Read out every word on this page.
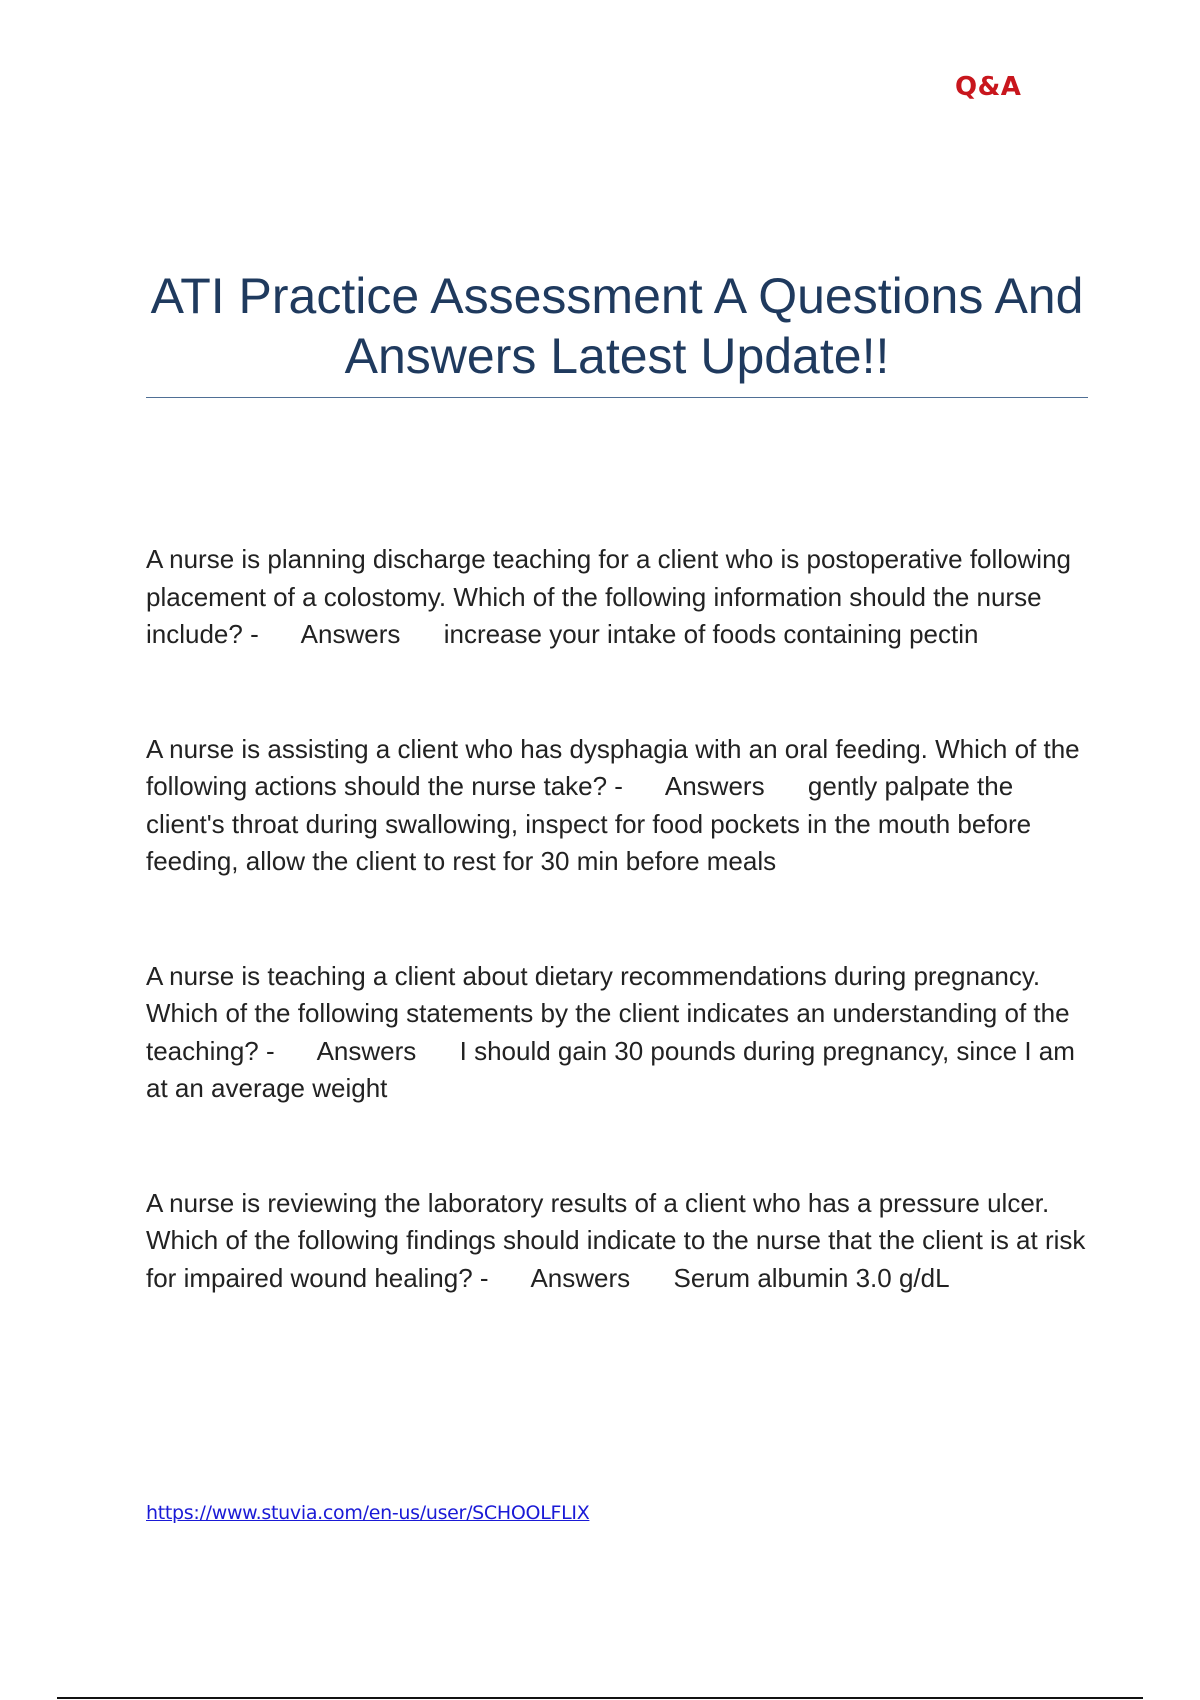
Q&A
ATI Practice Assessment A Questions And Answers Latest Update!!

A nurse is planning discharge teaching for a client who is postoperative following placement of a colostomy. Which of the following information should the nurse include? - Answers increase your intake of foods containing pectin

A nurse is assisting a client who has dysphagia with an oral feeding. Which of the following actions should the nurse take? - Answers gently palpate the client's throat during swallowing, inspect for food pockets in the mouth before feeding, allow the client to rest for 30 min before meals

A nurse is teaching a client about dietary recommendations during pregnancy. Which of the following statements by the client indicates an understanding of the teaching? - Answers I should gain 30 pounds during pregnancy, since I am at an average weight

A nurse is reviewing the laboratory results of a client who has a pressure ulcer. Which of the following findings should indicate to the nurse that the client is at risk for impaired wound healing? - Answers Serum albumin 3.0 g/dL

https://www.stuvia.com/en-us/user/SCHOOLFLIX
